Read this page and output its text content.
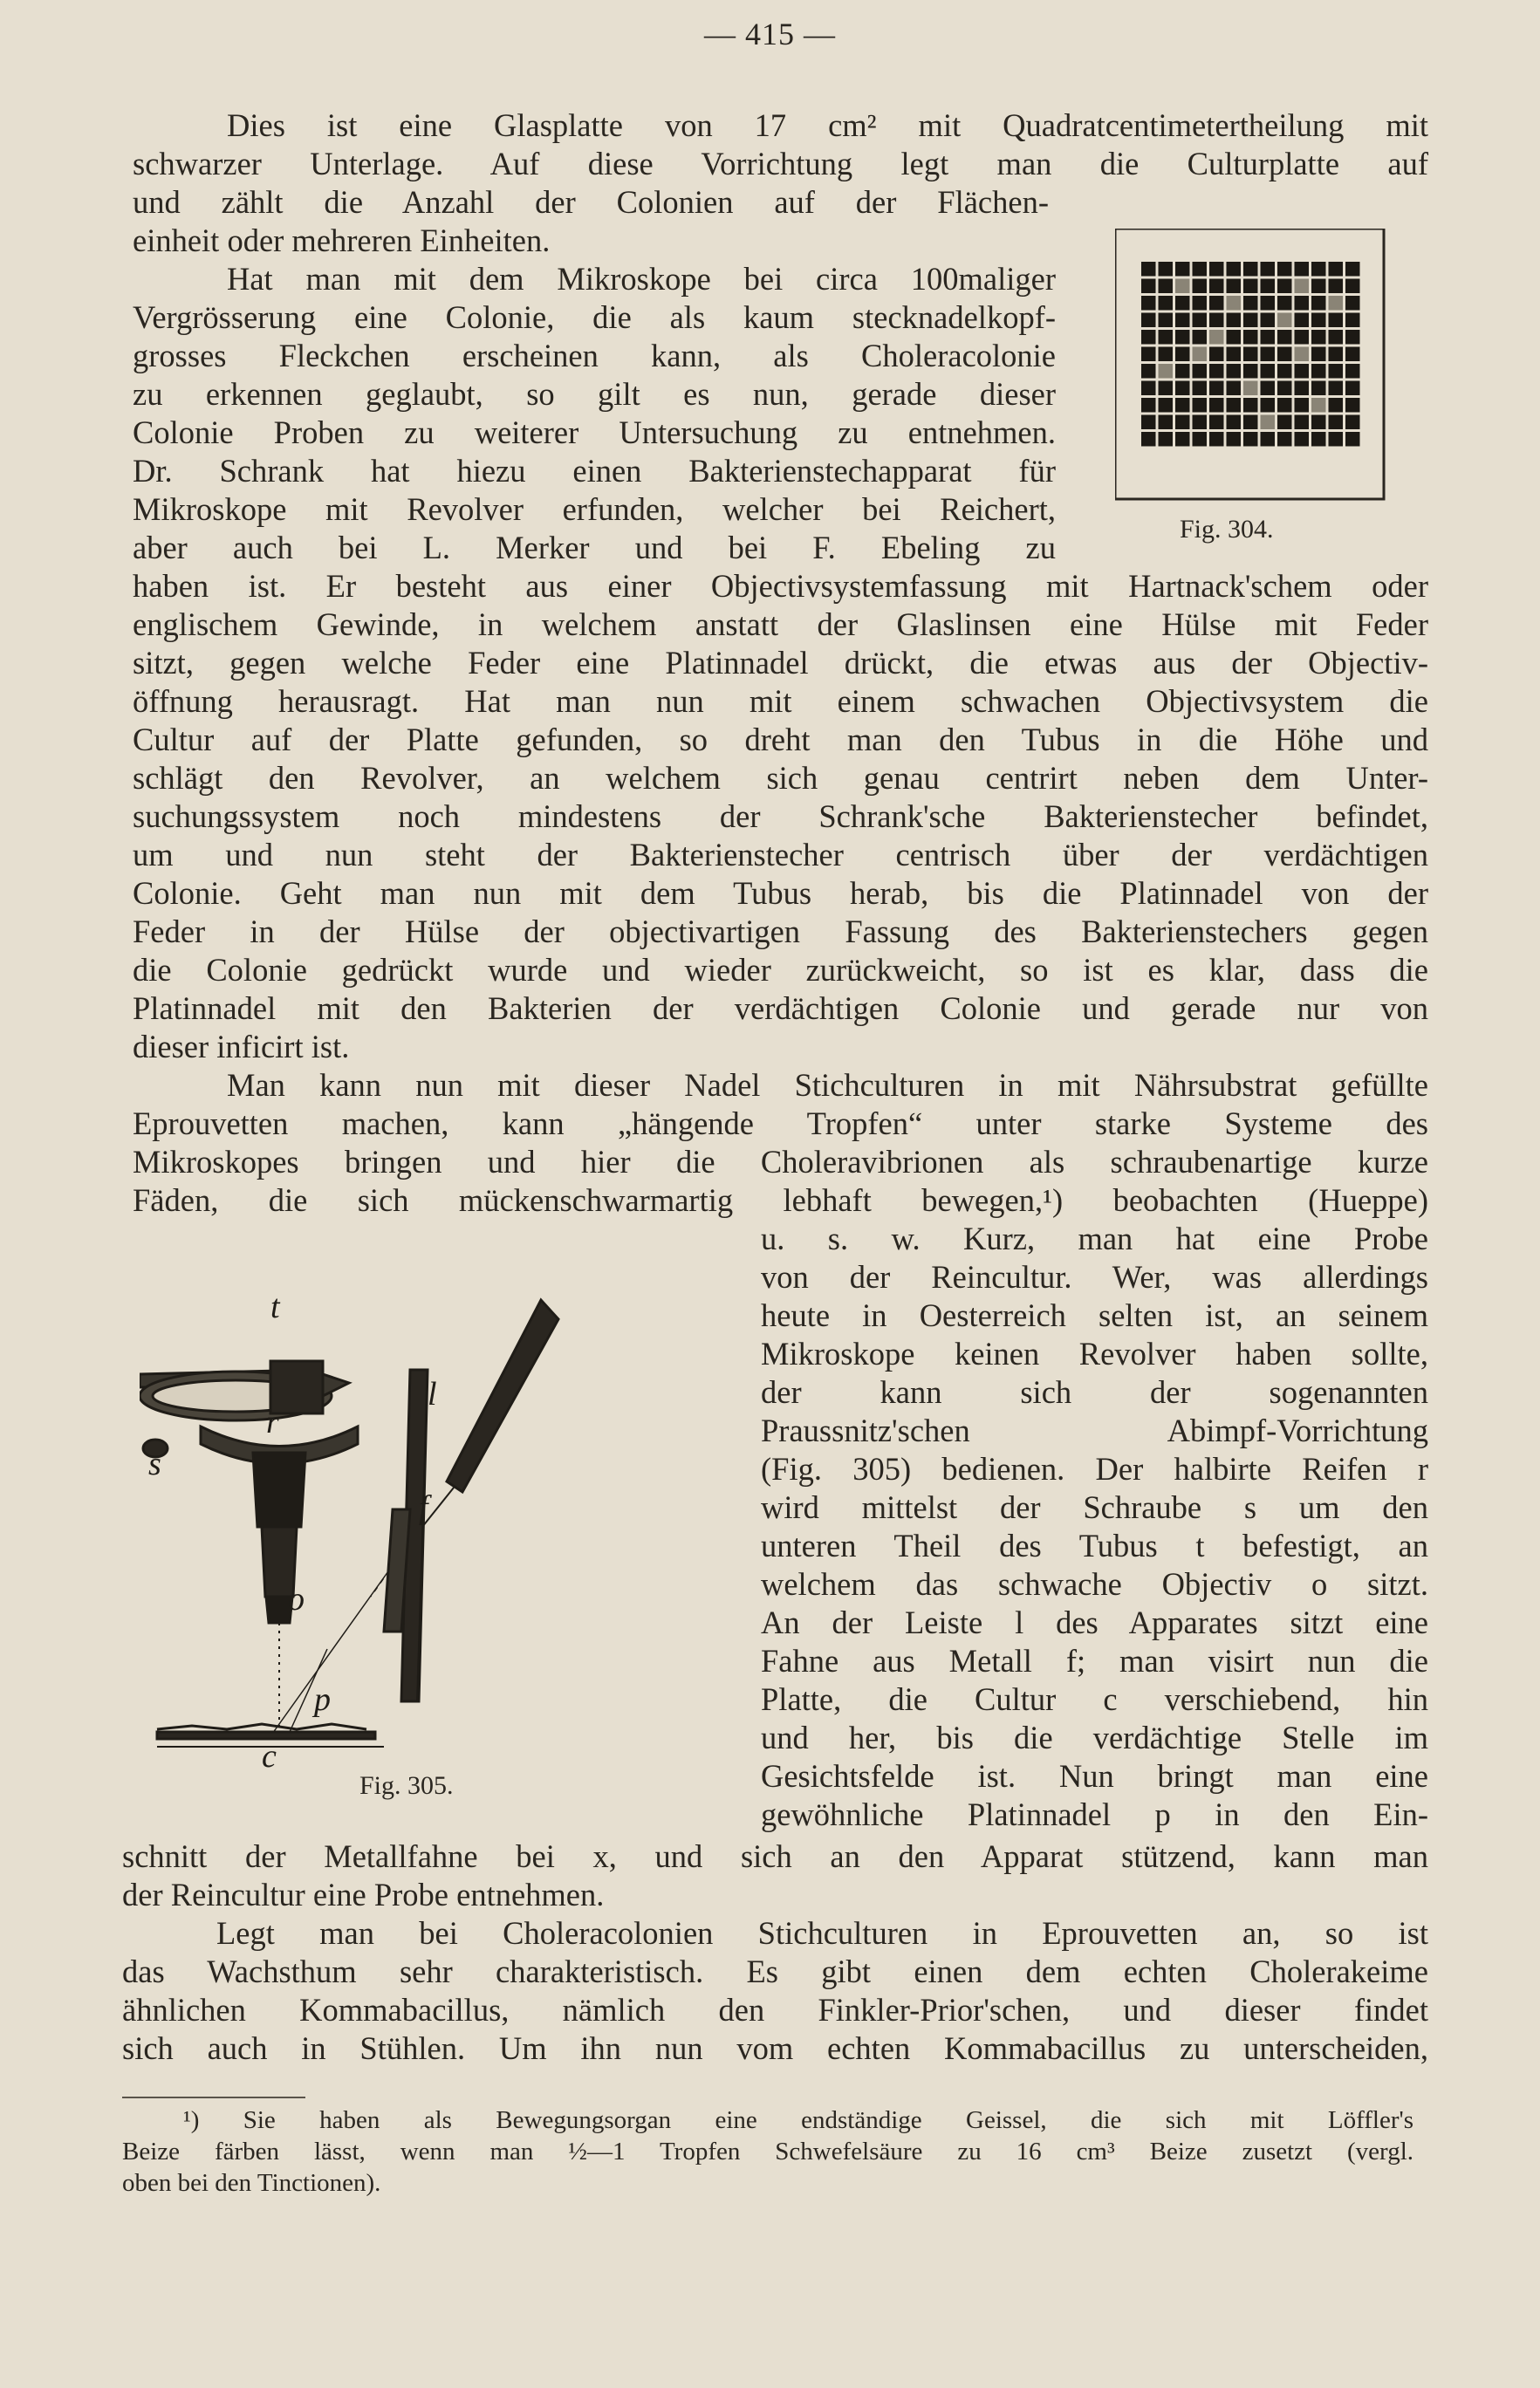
— 415 —
Dies ist eine Glasplatte von 17 cm² mit Quadratcentimetertheilung mit
schwarzer Unterlage. Auf diese Vorrichtung legt man die Culturplatte auf
und zählt die Anzahl der Colonien auf der Flächen-
einheit oder mehreren Einheiten.
Hat man mit dem Mikroskope bei circa 100maliger
Vergrösserung eine Colonie, die als kaum stecknadelkopf-
grosses Fleckchen erscheinen kann, als Choleracolonie
zu erkennen geglaubt, so gilt es nun, gerade dieser
Colonie Proben zu weiterer Untersuchung zu entnehmen.
Dr. Schrank hat hiezu einen Bakterienstechapparat für
Mikroskope mit Revolver erfunden, welcher bei Reichert,
aber auch bei L. Merker und bei F. Ebeling zu
Fig. 304.
haben ist. Er besteht aus einer Objectivsystemfassung mit Hartnack'schem oder
englischem Gewinde, in welchem anstatt der Glaslinsen eine Hülse mit Feder
sitzt, gegen welche Feder eine Platinnadel drückt, die etwas aus der Objectiv-
öffnung herausragt. Hat man nun mit einem schwachen Objectivsystem die
Cultur auf der Platte gefunden, so dreht man den Tubus in die Höhe und
schlägt den Revolver, an welchem sich genau centrirt neben dem Unter-
suchungssystem noch mindestens der Schrank'sche Bakterienstecher befindet,
um und nun steht der Bakterienstecher centrisch über der verdächtigen
Colonie. Geht man nun mit dem Tubus herab, bis die Platinnadel von der
Feder in der Hülse der objectivartigen Fassung des Bakterienstechers gegen
die Colonie gedrückt wurde und wieder zurückweicht, so ist es klar, dass die
Platinnadel mit den Bakterien der verdächtigen Colonie und gerade nur von
dieser inficirt ist.
Man kann nun mit dieser Nadel Stichculturen in mit Nährsubstrat gefüllte
Eprouvetten machen, kann „hängende Tropfen“ unter starke Systeme des
Mikroskopes bringen und hier die Choleravibrionen als schraubenartige kurze
Fäden, die sich mückenschwarmartig lebhaft bewegen,¹) beobachten (Hueppe)
u. s. w. Kurz, man hat eine Probe
von der Reincultur. Wer, was allerdings
heute in Oesterreich selten ist, an seinem
Mikroskope keinen Revolver haben sollte,
der kann sich der sogenannten
Praussnitz'schen Abimpf-Vorrichtung
(Fig. 305) bedienen. Der halbirte Reifen r
wird mittelst der Schraube s um den
unteren Theil des Tubus t befestigt, an
welchem das schwache Objectiv o sitzt.
An der Leiste l des Apparates sitzt eine
Fahne aus Metall f; man visirt nun die
Platte, die Cultur c verschiebend, hin
und her, bis die verdächtige Stelle im
Gesichtsfelde ist. Nun bringt man eine
gewöhnliche Platinnadel p in den Ein-
t
r
s
l
f
o
p
c
Fig. 305.
schnitt der Metallfahne bei x, und sich an den Apparat stützend, kann man
der Reincultur eine Probe entnehmen.
Legt man bei Choleracolonien Stichculturen in Eprouvetten an, so ist
das Wachsthum sehr charakteristisch. Es gibt einen dem echten Cholerakeime
ähnlichen Kommabacillus, nämlich den Finkler-Prior'schen, und dieser findet
sich auch in Stühlen. Um ihn nun vom echten Kommabacillus zu unterscheiden,
¹) Sie haben als Bewegungsorgan eine endständige Geissel, die sich mit Löffler's
Beize färben lässt, wenn man ½—1 Tropfen Schwefelsäure zu 16 cm³ Beize zusetzt (vergl.
oben bei den Tinctionen).
